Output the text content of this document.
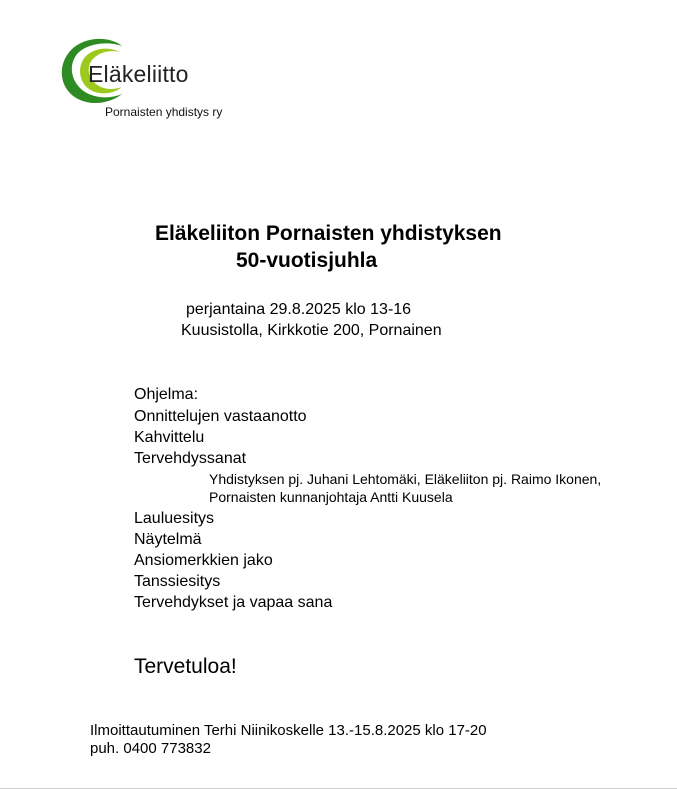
Eläkeliitto
Pornaisten yhdistys ry
Eläkeliiton Pornaisten yhdistyksen
50-vuotisjuhla
perjantaina 29.8.2025 klo 13-16
Kuusistolla, Kirkkotie 200, Pornainen
Ohjelma:
Onnittelujen vastaanotto
Kahvittelu
Tervehdyssanat
Yhdistyksen pj. Juhani Lehtomäki, Eläkeliiton pj. Raimo Ikonen, Pornaisten kunnanjohtaja Antti Kuusela
Lauluesitys
Näytelmä
Ansiomerkkien jako
Tanssiesitys
Tervehdykset ja vapaa sana
Tervetuloa!
Ilmoittautuminen Terhi Niinikoskelle 13.-15.8.2025 klo 17-20
puh. 0400 773832
